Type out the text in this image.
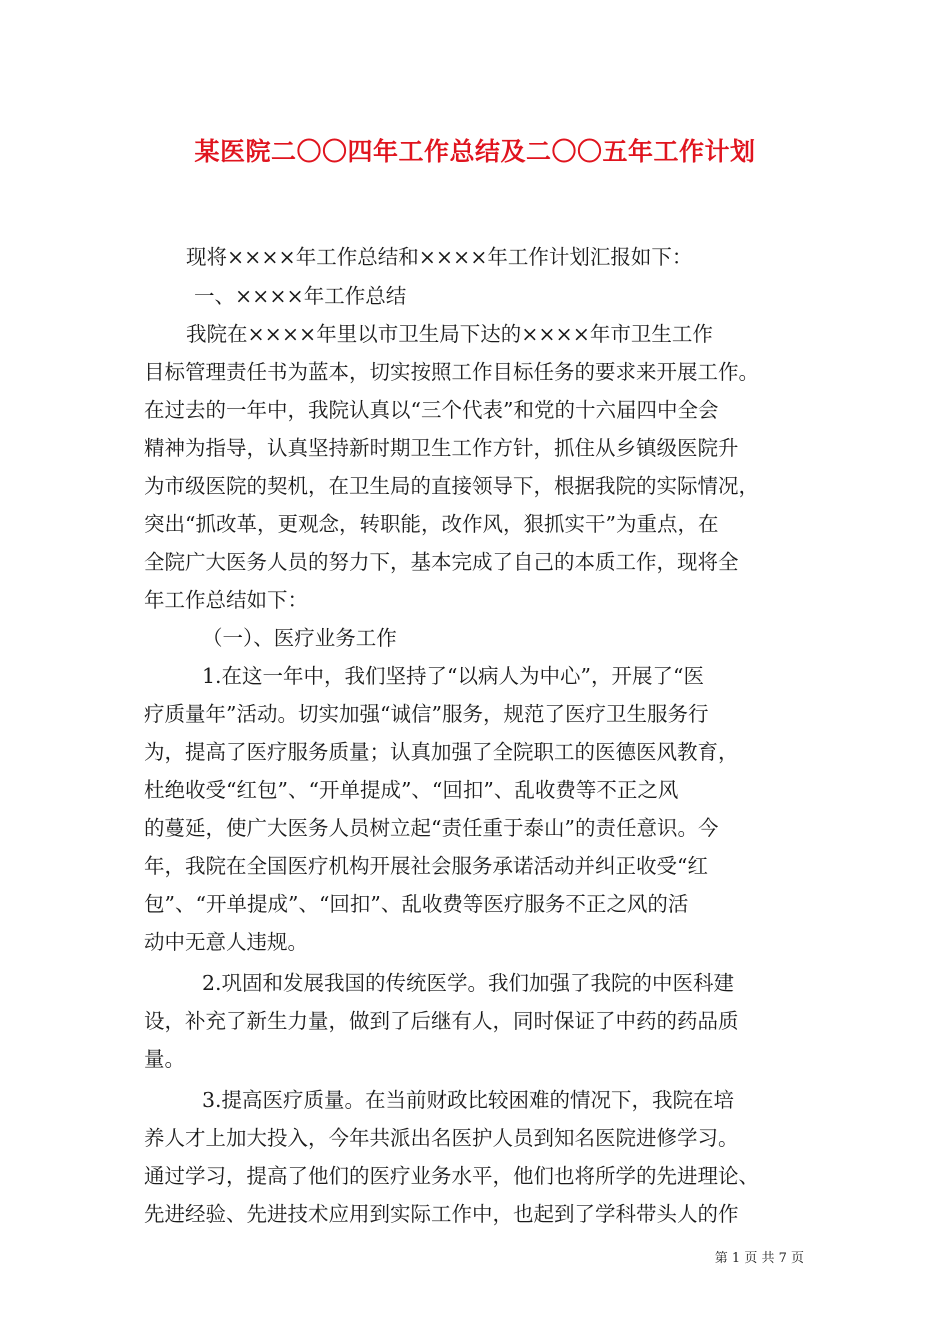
某医院二〇〇四年工作总结及二〇〇五年工作计划
现将××××年工作总结和××××年工作计划汇报如下：
一、××××年工作总结
我院在××××年里以市卫生局下达的××××年市卫生工作
目标管理责任书为蓝本，切实按照工作目标任务的要求来开展工作。
在过去的一年中，我院认真以“三个代表”和党的十六届四中全会
精神为指导，认真坚持新时期卫生工作方针，抓住从乡镇级医院升
为市级医院的契机，在卫生局的直接领导下，根据我院的实际情况，
突出“抓改革，更观念，转职能，改作风，狠抓实干”为重点，在
全院广大医务人员的努力下，基本完成了自己的本质工作，现将全
年工作总结如下：
（一）、医疗业务工作
1.在这一年中，我们坚持了“以病人为中心”，开展了“医
疗质量年”活动。切实加强“诚信”服务，规范了医疗卫生服务行
为，提高了医疗服务质量；认真加强了全院职工的医德医风教育，
杜绝收受“红包”、“开单提成”、“回扣”、乱收费等不正之风
的蔓延，使广大医务人员树立起“责任重于泰山”的责任意识。今
年，我院在全国医疗机构开展社会服务承诺活动并纠正收受“红
包”、“开单提成”、“回扣”、乱收费等医疗服务不正之风的活
动中无意人违规。
2.巩固和发展我国的传统医学。我们加强了我院的中医科建
设，补充了新生力量，做到了后继有人，同时保证了中药的药品质
量。
3.提高医疗质量。在当前财政比较困难的情况下，我院在培
养人才上加大投入，今年共派出名医护人员到知名医院进修学习。
通过学习，提高了他们的医疗业务水平，他们也将所学的先进理论、
先进经验、先进技术应用到实际工作中，也起到了学科带头人的作
第 1 页 共 7 页
